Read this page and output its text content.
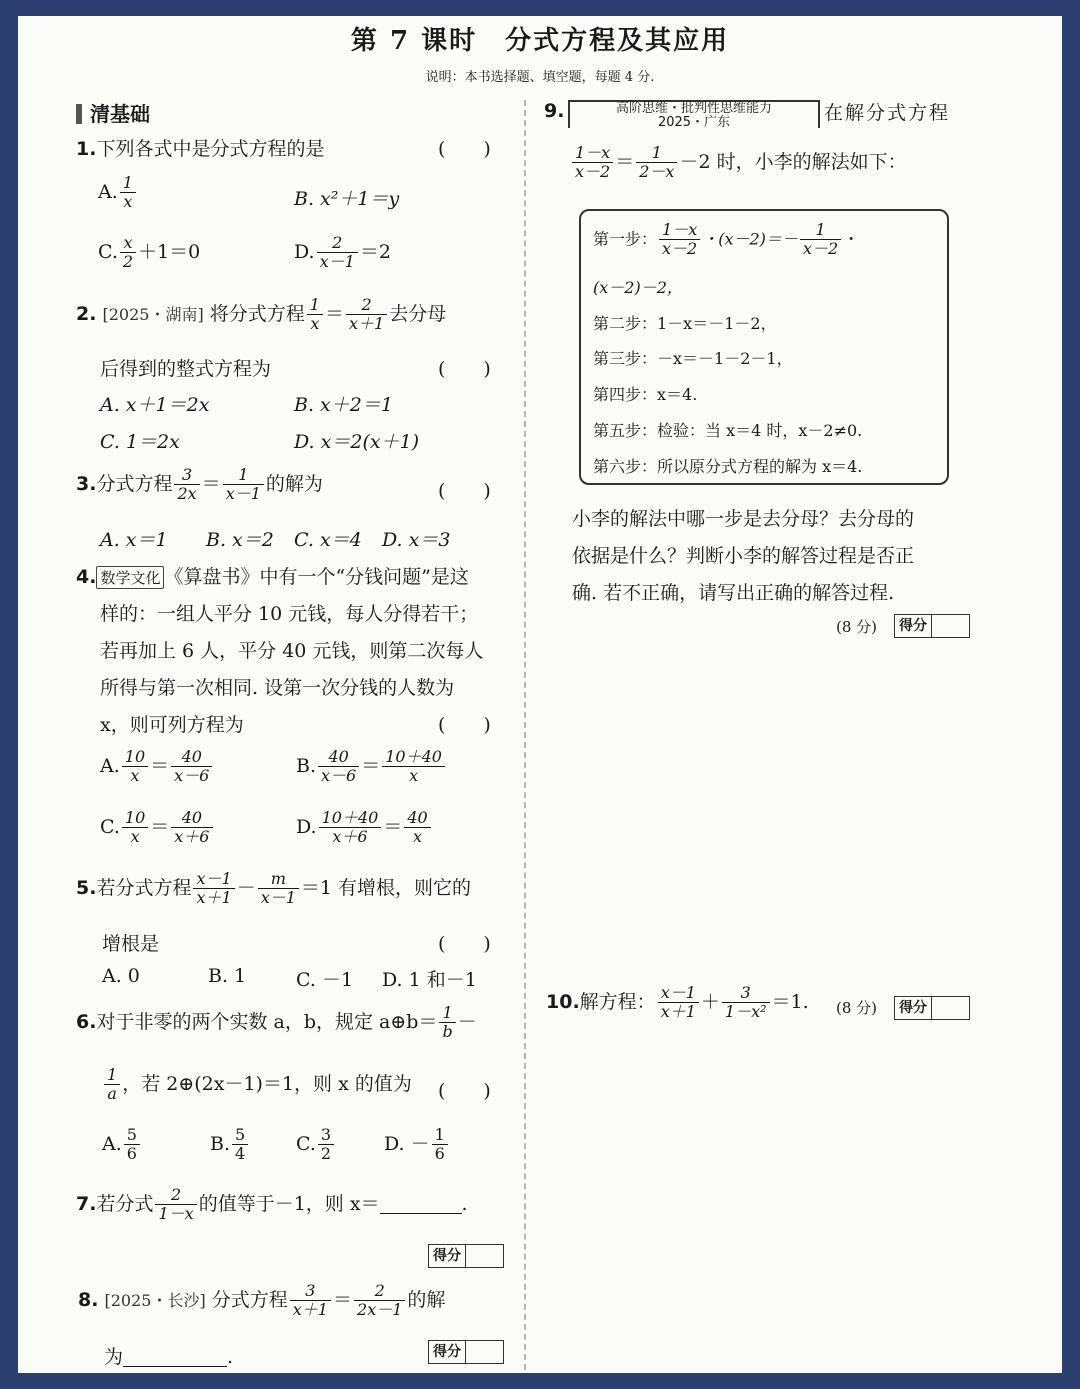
第 7 课时 分式方程及其应用
说明：本书选择题、填空题，每题 4 分.
清基础
1.下列各式中是分式方程的是	(　　)
A. $\frac{1}{x}$	B. x²＋1＝y
C. $\frac{x}{2} +1=0$	D. $\frac{2}{x-1} =2$
2. [2025・湖南] 将分式方程 $\frac{1}{x} = \frac{2}{x+1}$ 去分母
后得到的整式方程为	(　　)
A. x＋1＝2x	B. x＋2＝1
C. 1＝2x	D. x＝2(x＋1)
3.分式方程 $\frac{3}{2x} = \frac{1}{x-1}$ 的解为	(　　)
A. x＝1 B. x＝2 C. x＝4 D. x＝3
4. 数学文化 《算盘书》中有一个“分钱问题”是这
样的：一组人平分 10 元钱，每人分得若干；
若再加上 6 人，平分 40 元钱，则第二次每人
所得与第一次相同. 设第一次分钱的人数为
x，则可列方程为	(　　)
A. $\frac{10}{x} = \frac{40}{x-6}$	B. $\frac{40}{x-6} = \frac{10+40}{x}$
C. $\frac{10}{x} = \frac{40}{x+6}$	D. $\frac{10+40}{x+6} = \frac{40}{x}$
5.若分式方程 $\frac{x-1}{x+1} - \frac{m}{x-1} =1$ 有增根，则它的
增根是	(　　)
A. 0	B. 1	C. －1 D. 1 和－1
6.对于非零的两个实数 a，b，规定 a⊕b＝ $\frac{1}{b}$ －
$\frac{1}{a}$ ，若 2⊕(2x－1)＝1，则 x 的值为 (　　)
A. $\frac{5}{6}$	B. $\frac{5}{4}$	C. $\frac{3}{2}$	D. － $\frac{1}{6}$
7.若分式 $\frac{2}{1-x}$ 的值等于－1，则 x＝	.
得分
8. [2025・长沙] 分式方程 $\frac{3}{x+1} = \frac{2}{2x-1}$ 的解
为	.	得分
9.	高阶思维・批判性思维能力
2025・广东	在解分式方程
$\frac{1-x}{x-2} = \frac{1}{2-x} -2$ 时，小李的解法如下：
第一步： $\frac{1-x}{x-2}$ ・$(x-2)=- \frac{1}{x-2}$ ・
(x－2)－2，
第二步：1－x＝－1－2，
第三步：－x＝－1－2－1，
第四步：x＝4.
第五步：检验：当 x＝4 时，x－2≠0.
第六步：所以原分式方程的解为 x＝4.
小李的解法中哪一步是去分母？去分母的
依据是什么？判断小李的解答过程是否正
确. 若不正确，请写出正确的解答过程.
(8 分)	得分
10.解方程： $\frac{x-1}{x+1} + \frac{3}{\text{1－x²}} =1$. (8 分)	得分
